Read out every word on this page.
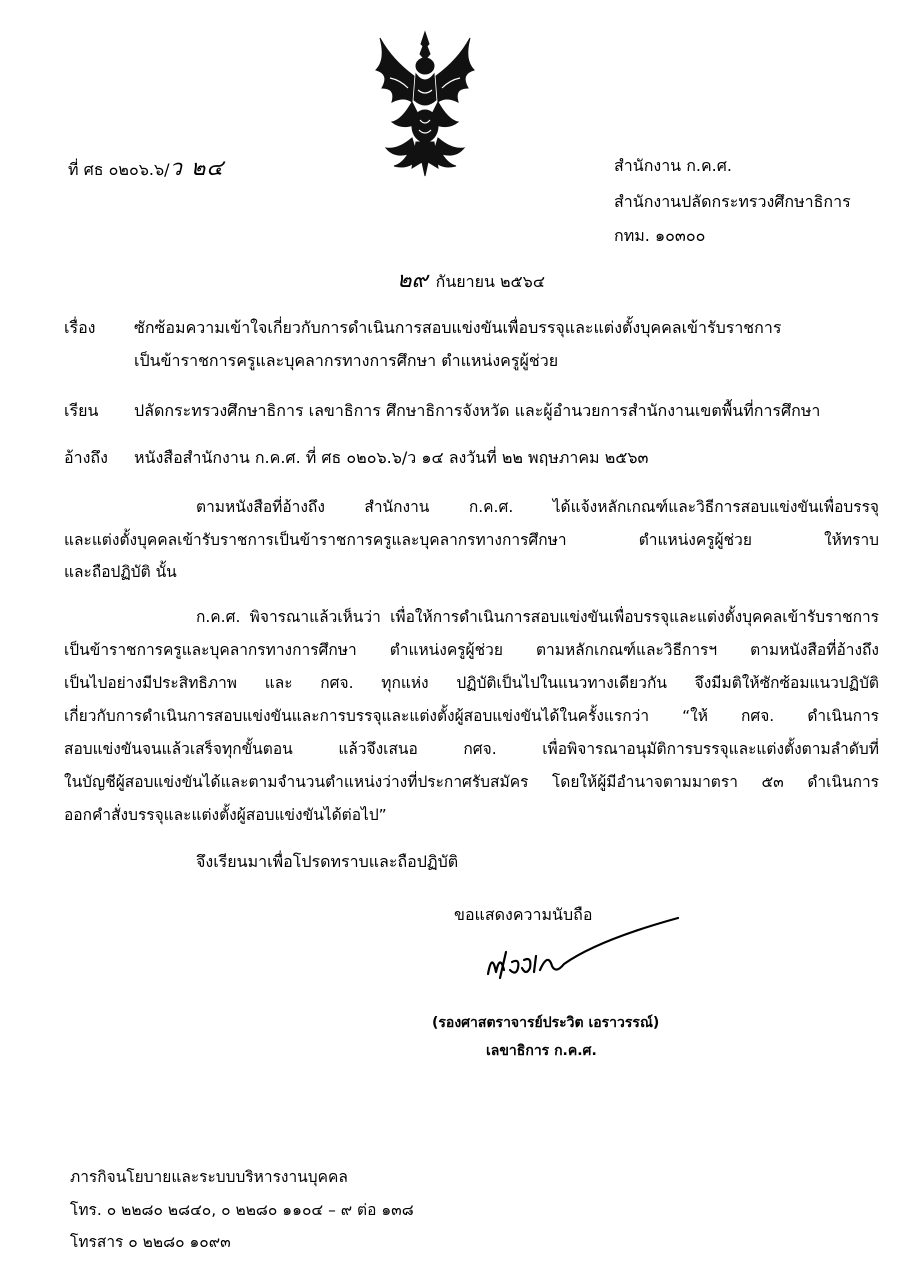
ที่ ศธ ๐๒๐๖.๖/ว ๒๔	สำนักงาน ก.ค.ศ.
สำนักงานปลัดกระทรวงศึกษาธิการ
กทม. ๑๐๓๐๐
๒๙ กันยายน ๒๕๖๔
เรื่อง ซักซ้อมความเข้าใจเกี่ยวกับการดำเนินการสอบแข่งขันเพื่อบรรจุและแต่งตั้งบุคคลเข้ารับราชการ
เป็นข้าราชการครูและบุคลากรทางการศึกษา ตำแหน่งครูผู้ช่วย
เรียน ปลัดกระทรวงศึกษาธิการ เลขาธิการ ศึกษาธิการจังหวัด และผู้อำนวยการสำนักงานเขตพื้นที่การศึกษา
อ้างถึง หนังสือสำนักงาน ก.ค.ศ. ที่ ศธ ๐๒๐๖.๖/ว ๑๔ ลงวันที่ ๒๒ พฤษภาคม ๒๕๖๓
ตามหนังสือที่อ้างถึง สำนักงาน ก.ค.ศ. ได้แจ้งหลักเกณฑ์และวิธีการสอบแข่งขันเพื่อบรรจุ
และแต่งตั้งบุคคลเข้ารับราชการเป็นข้าราชการครูและบุคลากรทางการศึกษา ตำแหน่งครูผู้ช่วย ให้ทราบ
และถือปฏิบัติ นั้น
ก.ค.ศ. พิจารณาแล้วเห็นว่า เพื่อให้การดำเนินการสอบแข่งขันเพื่อบรรจุและแต่งตั้งบุคคลเข้ารับราชการ
เป็นข้าราชการครูและบุคลากรทางการศึกษา ตำแหน่งครูผู้ช่วย ตามหลักเกณฑ์และวิธีการฯ ตามหนังสือที่อ้างถึง
เป็นไปอย่างมีประสิทธิภาพ และ กศจ. ทุกแห่ง ปฏิบัติเป็นไปในแนวทางเดียวกัน จึงมีมติให้ซักซ้อมแนวปฏิบัติ
เกี่ยวกับการดำเนินการสอบแข่งขันและการบรรจุและแต่งตั้งผู้สอบแข่งขันได้ในครั้งแรกว่า “ให้ กศจ. ดำเนินการ
สอบแข่งขันจนแล้วเสร็จทุกขั้นตอน แล้วจึงเสนอ กศจ. เพื่อพิจารณาอนุมัติการบรรจุและแต่งตั้งตามลำดับที่
ในบัญชีผู้สอบแข่งขันได้และตามจำนวนตำแหน่งว่างที่ประกาศรับสมัคร โดยให้ผู้มีอำนาจตามมาตรา ๕๓ ดำเนินการ
ออกคำสั่งบรรจุและแต่งตั้งผู้สอบแข่งขันได้ต่อไป”
จึงเรียนมาเพื่อโปรดทราบและถือปฏิบัติ
ขอแสดงความนับถือ
(รองศาสตราจารย์ประวิต เอราวรรณ์)
เลขาธิการ ก.ค.ศ.
ภารกิจนโยบายและระบบบริหารงานบุคคล
โทร. ๐ ๒๒๘๐ ๒๘๔๐, ๐ ๒๒๘๐ ๑๑๐๔ – ๙ ต่อ ๑๓๘
โทรสาร ๐ ๒๒๘๐ ๑๐๙๓
